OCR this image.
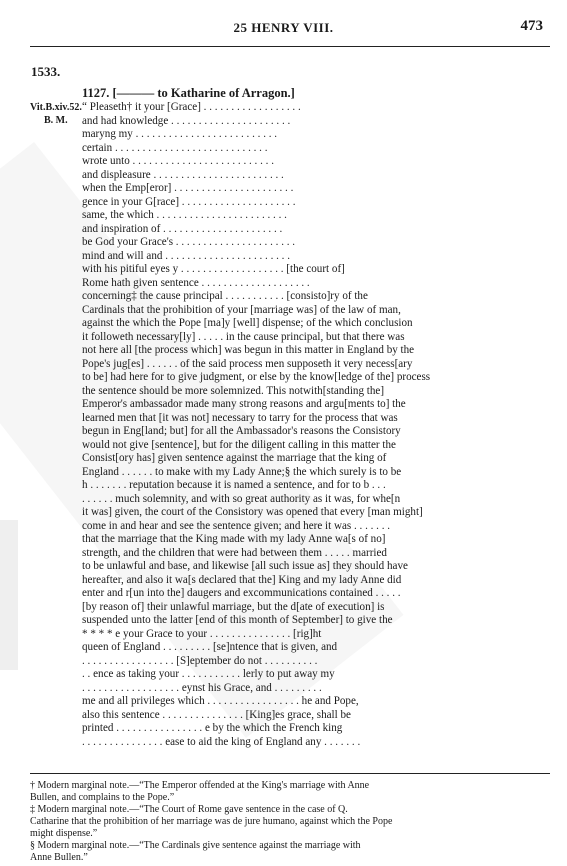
25 HENRY VIII.	473
1533.
1127. [——— to Katharine of Arragon.]
Vit.B.xiv.52.
B. M.
“ Pleaseth† it your [Grace] . . . . . . . . . . . . . . . . . .
and had knowledge . . . . . . . . . . . . . . . . . . . . . .
maryng my . . . . . . . . . . . . . . . . . . . . . . . . . .
certain . . . . . . . . . . . . . . . . . . . . . . . . . . . .
wrote unto . . . . . . . . . . . . . . . . . . . . . . . . . .
and displeasure . . . . . . . . . . . . . . . . . . . . . . . .
when the Emp[eror] . . . . . . . . . . . . . . . . . . . . . .
gence in your G[race] . . . . . . . . . . . . . . . . . . . . .
same, the which . . . . . . . . . . . . . . . . . . . . . . . .
and inspiration of . . . . . . . . . . . . . . . . . . . . . .
be God your Grace's . . . . . . . . . . . . . . . . . . . . . .
mind and will and . . . . . . . . . . . . . . . . . . . . . . .
with his pitiful eyes y . . . . . . . . . . . . . . . . . . . [the court of]
Rome hath given sentence . . . . . . . . . . . . . . . . . . . .
concerning‡ the cause principal . . . . . . . . . . . [consisto]ry of the
Cardinals that the prohibition of your [marriage was] of the law of man,
against the which the Pope [ma]y [well] dispense; of the which conclusion
it followeth necessary[ly] . . . . . in the cause principal, but that there was
not here all [the process which] was begun in this matter in England by the
Pope's jug[es] . . . . . . of the said process men supposeth it very necess[ary
to be] had here for to give judgment, or else by the know[ledge of the] process
the sentence should be more solemnized. This notwith[standing the]
Emperor's ambassador made many strong reasons and argu[ments to] the
learned men that [it was not] necessary to tarry for the process that was
begun in Eng[land; but] for all the Ambassador's reasons the Consistory
would not give [sentence], but for the diligent calling in this matter the
Consist[ory has] given sentence against the marriage that the king of
England . . . . . . to make with my Lady Anne;§ the which surely is to be
h . . . . . . . reputation because it is named a sentence, and for to b . . .
. . . . . . much solemnity, and with so great authority as it was, for whe[n
it was] given, the court of the Consistory was opened that every [man might]
come in and hear and see the sentence given; and here it was . . . . . . .
that the marriage that the King made with my lady Anne wa[s of no]
strength, and the children that were had between them . . . . . married
to be unlawful and base, and likewise [all such issue as] they should have
hereafter, and also it wa[s declared that the] King and my lady Anne did
enter and r[un into the] daugers and excommunications contained . . . . .
[by reason of] their unlawful marriage, but the d[ate of execution] is
suspended unto the latter [end of this month of September] to give the
* * * * e your Grace to your . . . . . . . . . . . . . . . [rig]ht
queen of England . . . . . . . . . [se]ntence that is given, and
. . . . . . . . . . . . . . . . . [S]eptember do not . . . . . . . . . .
. . ence as taking your . . . . . . . . . . . lerly to put away my
. . . . . . . . . . . . . . . . . . eynst his Grace, and . . . . . . . . .
me and all privileges which . . . . . . . . . . . . . . . . . he and Pope,
also this sentence . . . . . . . . . . . . . . . [King]es grace, shall be
printed . . . . . . . . . . . . . . . . e by the which the French king
. . . . . . . . . . . . . . . ease to aid the king of England any . . . . . . .
† Modern marginal note.—“The Emperor offended at the King's marriage with Anne
Bullen, and complains to the Pope.”
‡ Modern marginal note.—“The Court of Rome gave sentence in the case of Q.
Catharine that the prohibition of her marriage was de jure humano, against which the Pope
might dispense.”
§ Modern marginal note.—“The Cardinals give sentence against the marriage with
Anne Bullen.”
